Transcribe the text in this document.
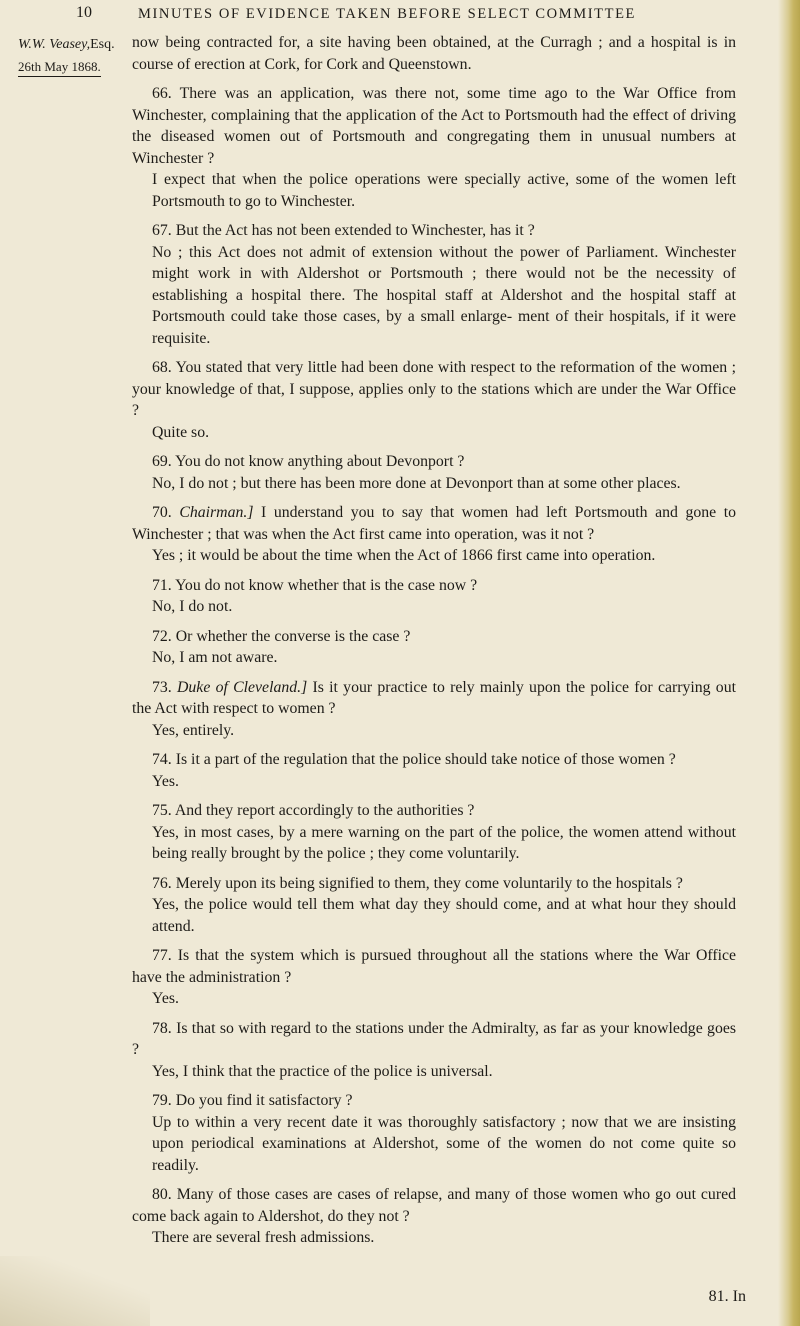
10	MINUTES OF EVIDENCE TAKEN BEFORE SELECT COMMITTEE
W.W. Veasey,Esq.
26th May 1868.

now being contracted for, a site having been obtained, at the Curragh ; and a hospital is in course of erection at Cork, for Cork and Queenstown.

66. There was an application, was there not, some time ago to the War Office from Winchester, complaining that the application of the Act to Portsmouth had the effect of driving the diseased women out of Portsmouth and congregating them in unusual numbers at Winchester ?

I expect that when the police operations were specially active, some of the women left Portsmouth to go to Winchester.

67. But the Act has not been extended to Winchester, has it ?

No ; this Act does not admit of extension without the power of Parliament. Winchester might work in with Aldershot or Portsmouth ; there would not be the necessity of establishing a hospital there. The hospital staff at Aldershot and the hospital staff at Portsmouth could take those cases, by a small enlarge- ment of their hospitals, if it were requisite.

68. You stated that very little had been done with respect to the reformation of the women ; your knowledge of that, I suppose, applies only to the stations which are under the War Office ?

Quite so.

69. You do not know anything about Devonport ?

No, I do not ; but there has been more done at Devonport than at some other places.

70. Chairman.] I understand you to say that women had left Portsmouth and gone to Winchester ; that was when the Act first came into operation, was it not ?

Yes ; it would be about the time when the Act of 1866 first came into operation.

71. You do not know whether that is the case now ?

No, I do not.

72. Or whether the converse is the case ?

No, I am not aware.

73. Duke of Cleveland.] Is it your practice to rely mainly upon the police for carrying out the Act with respect to women ?

Yes, entirely.

74. Is it a part of the regulation that the police should take notice of those women ?

Yes.

75. And they report accordingly to the authorities ?

Yes, in most cases, by a mere warning on the part of the police, the women attend without being really brought by the police ; they come voluntarily.

76. Merely upon its being signified to them, they come voluntarily to the hospitals ?

Yes, the police would tell them what day they should come, and at what hour they should attend.

77. Is that the system which is pursued throughout all the stations where the War Office have the administration ?

Yes.

78. Is that so with regard to the stations under the Admiralty, as far as your knowledge goes ?

Yes, I think that the practice of the police is universal.

79. Do you find it satisfactory ?

Up to within a very recent date it was thoroughly satisfactory ; now that we are insisting upon periodical examinations at Aldershot, some of the women do not come quite so readily.

80. Many of those cases are cases of relapse, and many of those women who go out cured come back again to Aldershot, do they not ?

There are several fresh admissions.

81. In
